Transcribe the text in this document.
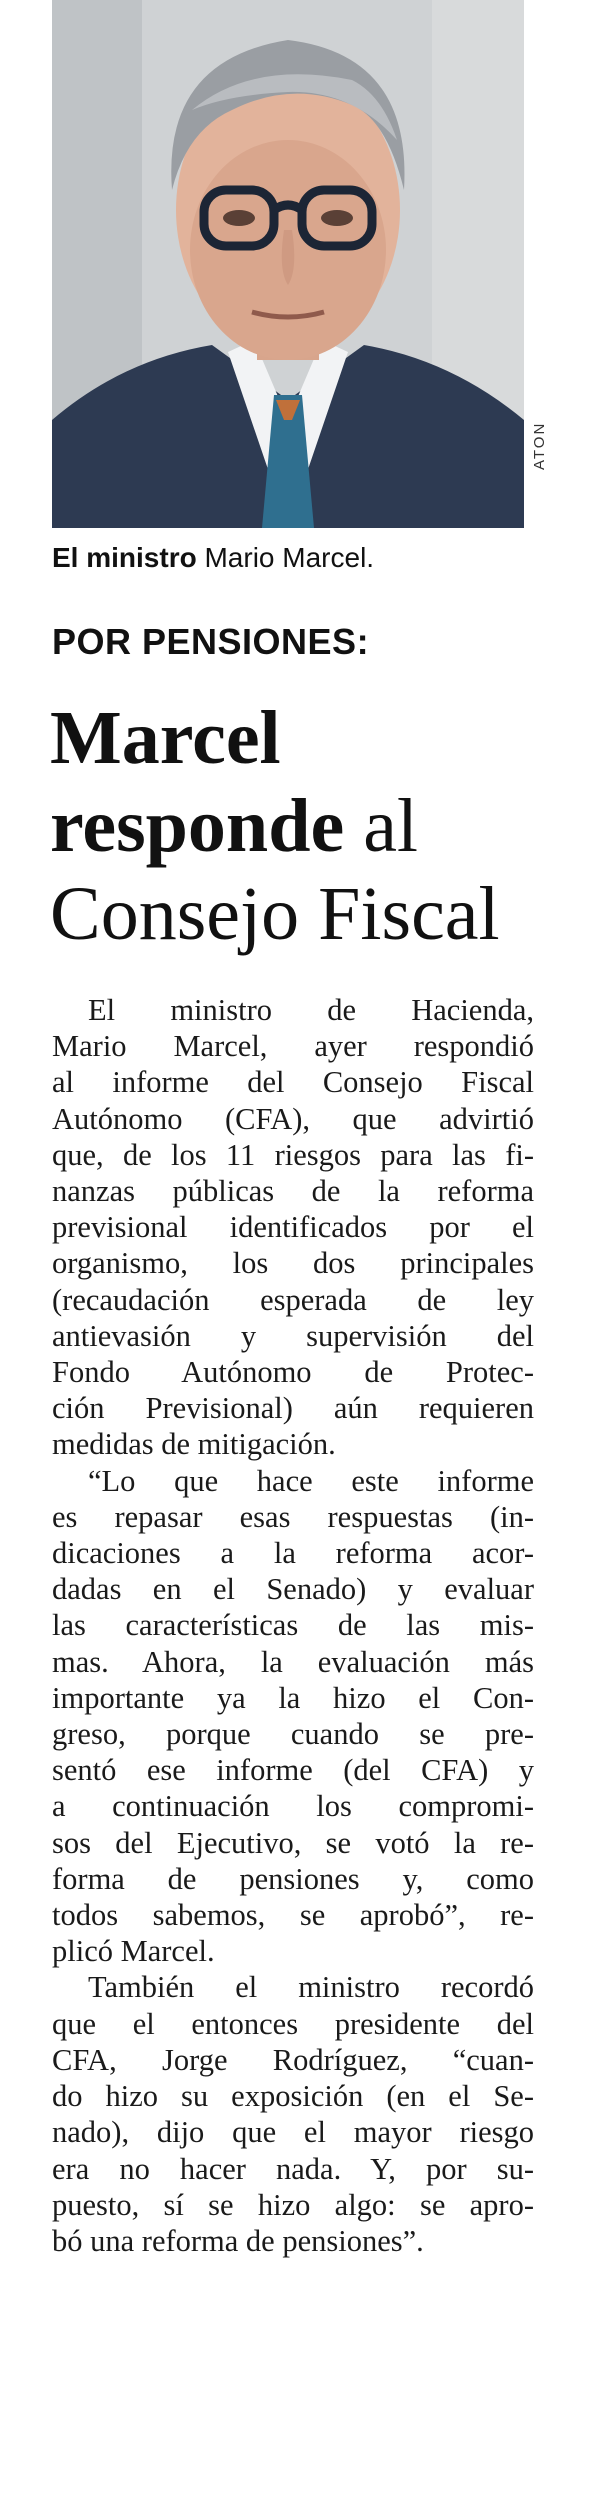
ATON
El ministro Mario Marcel.
POR PENSIONES:
Marcel
responde al
Consejo Fiscal
El ministro de Hacienda,
Mario Marcel, ayer respondió
al informe del Consejo Fiscal
Autónomo (CFA), que advirtió
que, de los 11 riesgos para las fi-
nanzas públicas de la reforma
previsional identificados por el
organismo, los dos principales
(recaudación esperada de ley
antievasión y supervisión del
Fondo Autónomo de Protec-
ción Previsional) aún requieren
medidas de mitigación.
“Lo que hace este informe
es repasar esas respuestas (in-
dicaciones a la reforma acor-
dadas en el Senado) y evaluar
las características de las mis-
mas. Ahora, la evaluación más
importante ya la hizo el Con-
greso, porque cuando se pre-
sentó ese informe (del CFA) y
a continuación los compromi-
sos del Ejecutivo, se votó la re-
forma de pensiones y, como
todos sabemos, se aprobó”, re-
plicó Marcel.
También el ministro recordó
que el entonces presidente del
CFA, Jorge Rodríguez, “cuan-
do hizo su exposición (en el Se-
nado), dijo que el mayor riesgo
era no hacer nada. Y, por su-
puesto, sí se hizo algo: se apro-
bó una reforma de pensiones”.
